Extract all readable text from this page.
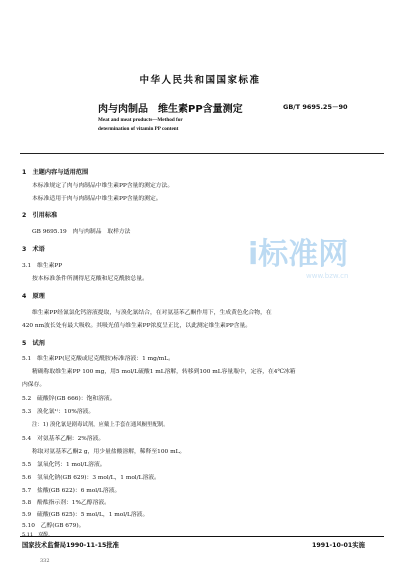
中华人民共和国国家标准
肉与肉制品　维生素PP含量测定	GB/T 9695.25－90
Meat and meat products—Method for
determination of vitamin PP content
1　主题内容与适用范围
本标准规定了肉与肉制品中维生素PP含量的测定方法。
本标准适用于肉与肉制品中维生素PP含量的测定。
2　引用标准
GB 9695.19　肉与肉制品　取样方法
3　术语
3.1　维生素PP
按本标准条件所测得尼克酸和尼克酰胺总量。
4　原理
维生素PP经氰氯化钙溶液提取，与溴化氰结合，在对氨基苯乙酮作用下，生成黄色化合物，在
420 nm波长处有最大吸收。其吸光值与维生素PP浓度呈正比，以此测定维生素PP含量。
5　试剂
5.1　维生素PP(尼克酸或尼克酰胺)标准溶液：1 mg/mL。
精确称取维生素PP 100 mg，用5 mol/L硫酸1 mL溶解，转移到100 mL容量瓶中，定容，在4℃冰箱
内保存。
5.2　硫酸锌(GB 666)：饱和溶液。
5.3　溴化氰¹⁾：10%溶液。
注：1) 溴化氰是剧毒试剂，应戴上手套在通风橱里配制。
5.4　对氨基苯乙酮：2%溶液。
称取对氨基苯乙酮2 g，用少量盐酸溶解，稀释至100 mL。
5.5　氯氧化钙：1 mol/L溶液。
5.6　氢氧化钠(GB 629)：3 mol/L，1 mol/L溶液。
5.7　盐酸(GB 622)：6 mol/L溶液。
5.8　酚酞指示剂：1%乙醇溶液。
5.9　硫酸(GB 625)：5 mol/L，1 mol/L溶液。
5.10　乙醇(GB 679)。
5.11　双醇。
i标准网
www.bzw.cn
国家技术监督局1990-11-15批准	1991-10-01实施
332
